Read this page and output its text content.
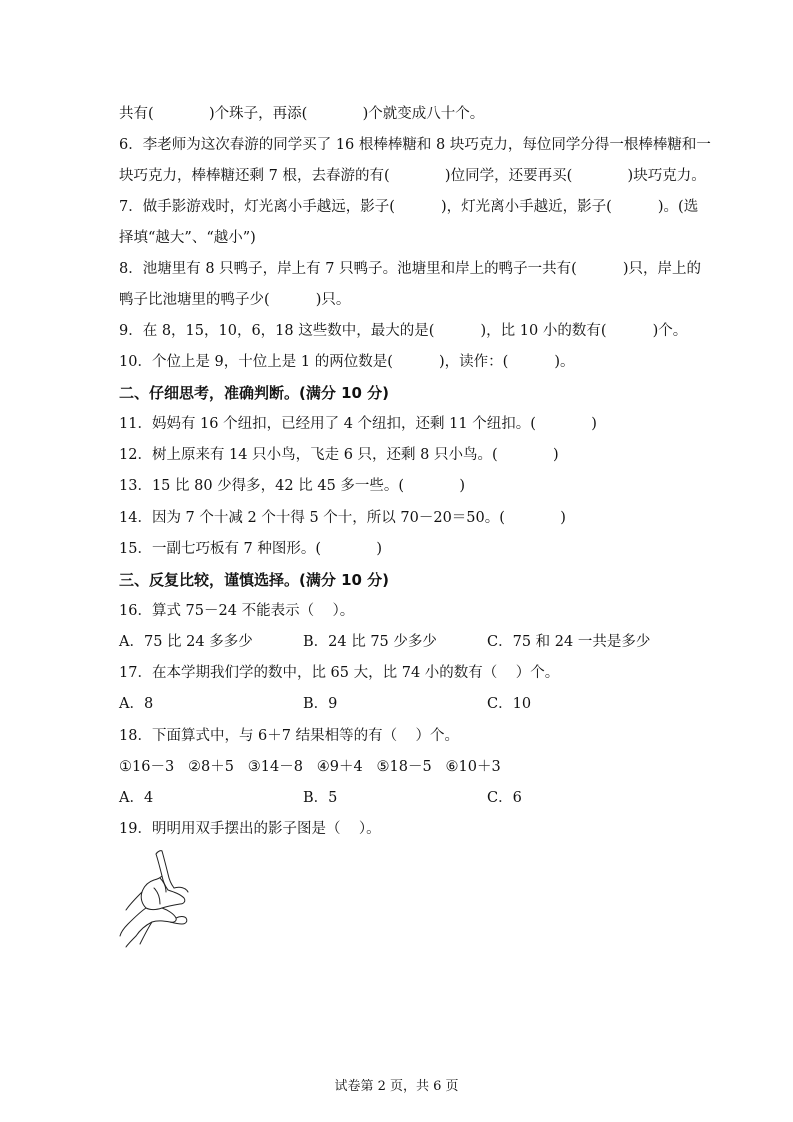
共有(            )个珠子，再添(            )个就变成八十个。
6．李老师为这次春游的同学买了 16 根棒棒糖和 8 块巧克力，每位同学分得一根棒棒糖和一
块巧克力，棒棒糖还剩 7 根，去春游的有(            )位同学，还要再买(            )块巧克力。
7．做手影游戏时，灯光离小手越远，影子(          )，灯光离小手越近，影子(          )。(选
择填“越大”、“越小”)
8．池塘里有 8 只鸭子，岸上有 7 只鸭子。池塘里和岸上的鸭子一共有(          )只，岸上的
鸭子比池塘里的鸭子少(          )只。
9．在 8，15，10，6，18 这些数中，最大的是(          )，比 10 小的数有(          )个。
10．个位上是 9，十位上是 1 的两位数是(          )，读作：(          )。
二、仔细思考，准确判断。(满分 10 分)
11．妈妈有 16 个纽扣，已经用了 4 个纽扣，还剩 11 个纽扣。(            )
12．树上原来有 14 只小鸟，飞走 6 只，还剩 8 只小鸟。(            )
13．15 比 80 少得多，42 比 45 多一些。(            )
14．因为 7 个十减 2 个十得 5 个十，所以 70－20＝50。(            )
15．一副七巧板有 7 种图形。(            )
三、反复比较，谨慎选择。(满分 10 分)
16．算式 75－24 不能表示（    ）。
A．75 比 24 多多少	B．24 比 75 少多少	C．75 和 24 一共是多少
17．在本学期我们学的数中，比 65 大，比 74 小的数有（    ）个。
A．8	B．9	C．10
18．下面算式中，与 6＋7 结果相等的有（    ）个。
①16－3   ②8＋5   ③14－8   ④9＋4   ⑤18－5   ⑥10＋3
A．4	B．5	C．6
19．明明用双手摆出的影子图是（    ）。
试卷第 2 页，共 6 页
